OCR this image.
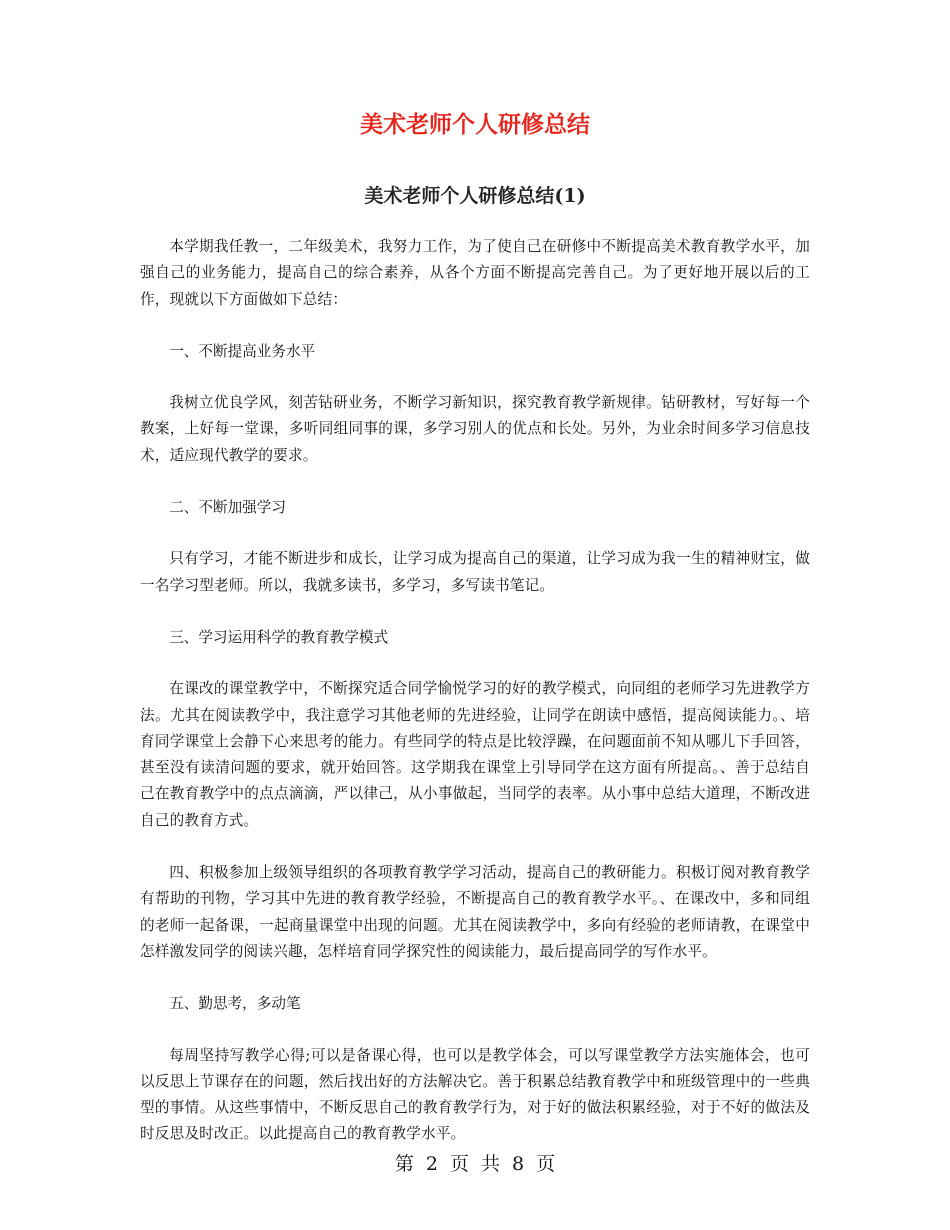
美术老师个人研修总结
美术老师个人研修总结(1)

本学期我任教一，二年级美术，我努力工作，为了使自己在研修中不断提高美术教育教学水平，加强自己的业务能力，提高自己的综合素养，从各个方面不断提高完善自己。为了更好地开展以后的工作，现就以下方面做如下总结：

一、不断提高业务水平

我树立优良学风，刻苦钻研业务，不断学习新知识，探究教育教学新规律。钻研教材，写好每一个教案，上好每一堂课，多听同组同事的课，多学习别人的优点和长处。另外，为业余时间多学习信息技术，适应现代教学的要求。

二、不断加强学习

只有学习，才能不断进步和成长，让学习成为提高自己的渠道，让学习成为我一生的精神财宝，做一名学习型老师。所以，我就多读书，多学习，多写读书笔记。

三、学习运用科学的教育教学模式

在课改的课堂教学中，不断探究适合同学愉悦学习的好的教学模式，向同组的老师学习先进教学方法。尤其在阅读教学中，我注意学习其他老师的先进经验，让同学在朗读中感悟，提高阅读能力。、培育同学课堂上会静下心来思考的能力。有些同学的特点是比较浮躁，在问题面前不知从哪儿下手回答，甚至没有读清问题的要求，就开始回答。这学期我在课堂上引导同学在这方面有所提高。、善于总结自己在教育教学中的点点滴滴，严以律己，从小事做起，当同学的表率。从小事中总结大道理，不断改进自己的教育方式。

四、积极参加上级领导组织的各项教育教学学习活动，提高自己的教研能力。积极订阅对教育教学有帮助的刊物，学习其中先进的教育教学经验，不断提高自己的教育教学水平。、在课改中，多和同组的老师一起备课，一起商量课堂中出现的问题。尤其在阅读教学中，多向有经验的老师请教，在课堂中怎样激发同学的阅读兴趣，怎样培育同学探究性的阅读能力，最后提高同学的写作水平。

五、勤思考，多动笔

每周坚持写教学心得;可以是备课心得，也可以是教学体会，可以写课堂教学方法实施体会，也可以反思上节课存在的问题，然后找出好的方法解决它。善于积累总结教育教学中和班级管理中的一些典型的事情。从这些事情中，不断反思自己的教育教学行为，对于好的做法积累经验，对于不好的做法及时反思及时改正。以此提高自己的教育教学水平。

第 2 页 共 8 页
